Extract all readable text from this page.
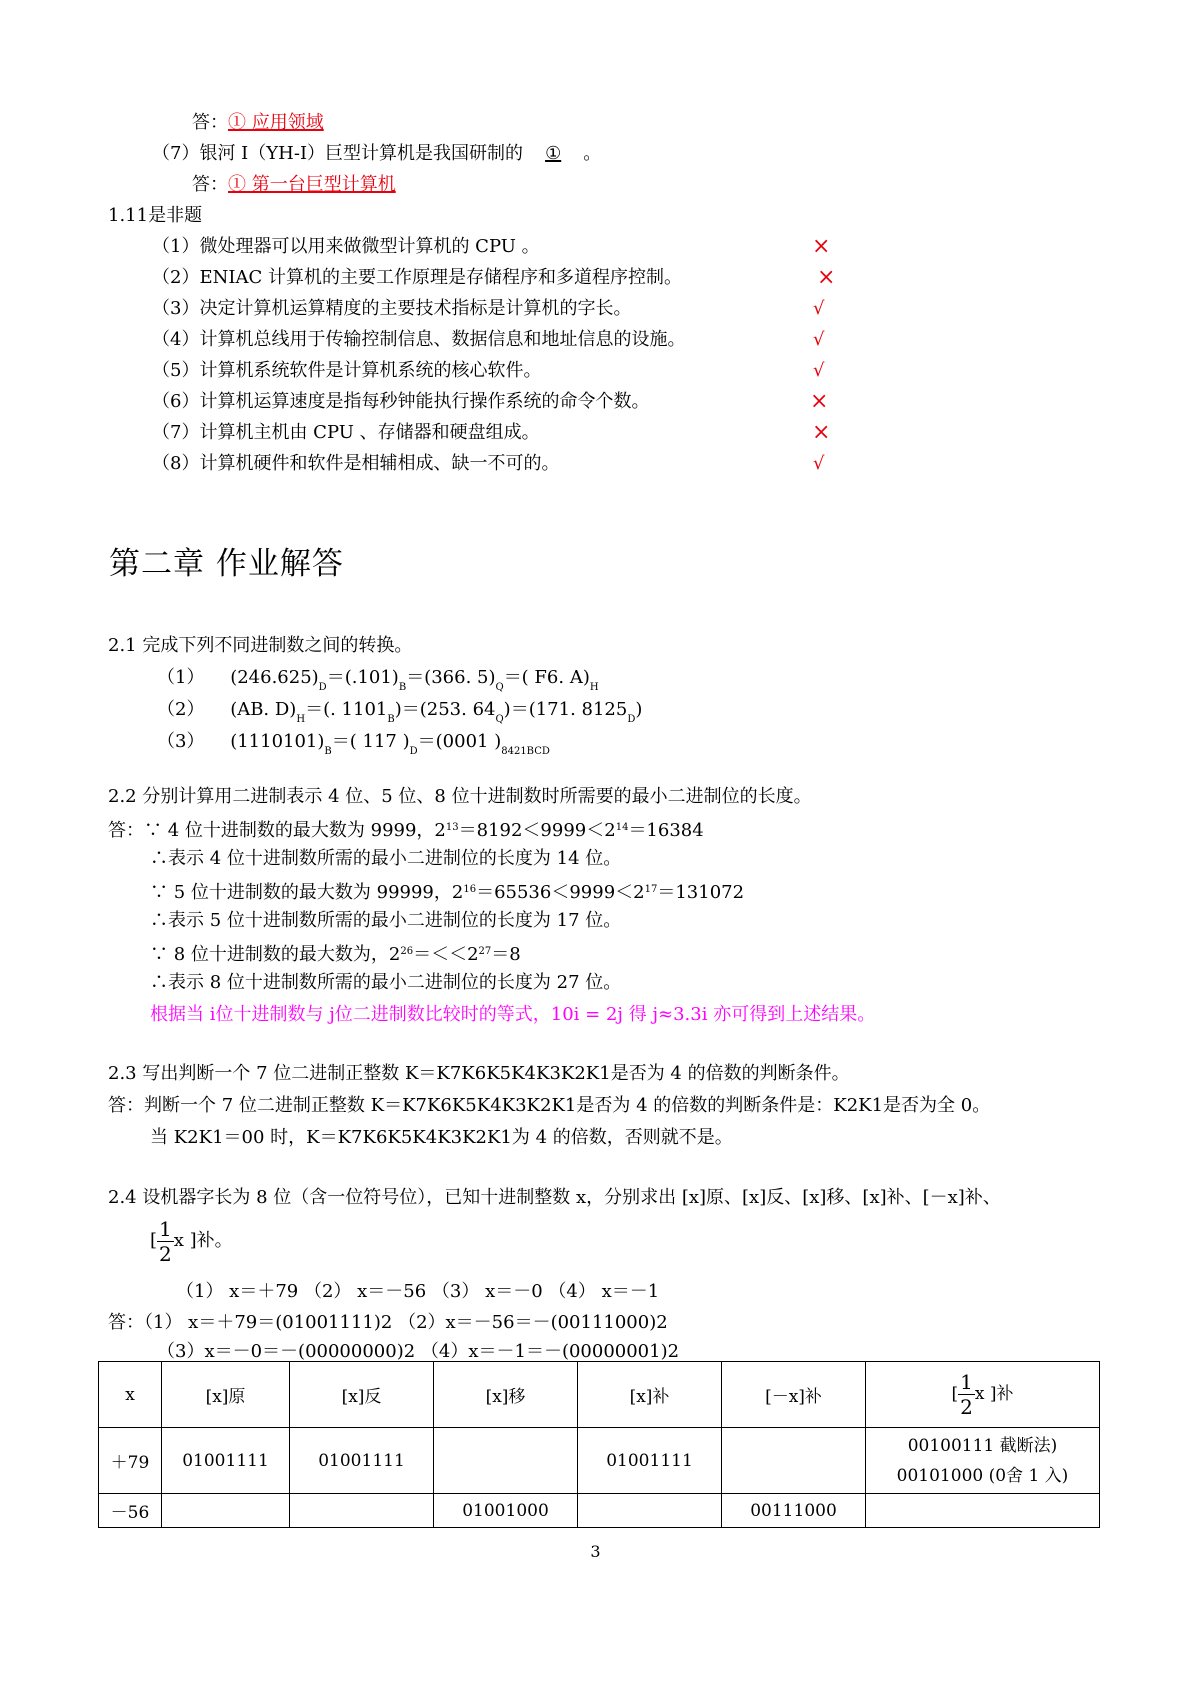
答：① 应用领域
（7）银河 I（YH-I）巨型计算机是我国研制的 ① 。
答：① 第一台巨型计算机
1.11是非题
（1）微处理器可以用来做微型计算机的 CPU 。	×
（2）ENIAC 计算机的主要工作原理是存储程序和多道程序控制。	×
（3）决定计算机运算精度的主要技术指标是计算机的字长。	√
（4）计算机总线用于传输控制信息、数据信息和地址信息的设施。	√
（5）计算机系统软件是计算机系统的核心软件。	√
（6）计算机运算速度是指每秒钟能执行操作系统的命令个数。	×
（7）计算机主机由 CPU 、存储器和硬盘组成。	×
（8）计算机硬件和软件是相辅相成、缺一不可的。	√
第二章 作业解答
2.1 完成下列不同进制数之间的转换。
（1） $(246.625)_D=(.101)_B=(366$. $5)_Q=$( F6. $A)_H$
（2） (AB. $D)_H=$(. $1101_B)=(253$. $64_Q)=(171$. $8125_D$)
（3） $(1110101)_B=$( 117 )$_D=(0001$ )$_{8421BCD}$
2.2 分别计算用二进制表示 4 位、5 位、8 位十进制数时所需要的最小二进制位的长度。
答：∵ 4 位十进制数的最大数为 9999，$2^{13}=8192<9999<2^{14}=16384$
∴表示 4 位十进制数所需的最小二进制位的长度为 14 位。
∵ 5 位十进制数的最大数为 99999，$2^{16}=65536<9999<2^{17}=131072$
∴表示 5 位十进制数所需的最小二进制位的长度为 17 位。
∵ 8 位十进制数的最大数为，$2^{26}=<<2^{27}=8$
∴表示 8 位十进制数所需的最小二进制位的长度为 27 位。
根据当 i位十进制数与 j位二进制数比较时的等式，10i = 2j 得 j≈3.3i 亦可得到上述结果。
2.3 写出判断一个 7 位二进制正整数 K＝K7K6K5K4K3K2K1是否为 4 的倍数的判断条件。
答：判断一个 7 位二进制正整数 K＝K7K6K5K4K3K2K1是否为 4 的倍数的判断条件是：K2K1是否为全 0。
当 K2K1＝00 时，K＝K7K6K5K4K3K2K1为 4 的倍数，否则就不是。
2.4 设机器字长为 8 位（含一位符号位），已知十进制整数 x，分别求出 [x]原、[x]反、[x]移、[x]补、[－x]补、
[ $\frac{1}{2}$ x ]补。
（1） x＝＋79 （2） x＝－56 （3） x＝－0 （4） x＝－1
答：（1） x＝＋79＝(01001111)2 （2）x＝－56＝－(00111000)2
（3）x＝－0＝－(00000000)2 （4）x＝－1＝－(00000001)2
x	[x]原	[x]反	[x]移	[x]补	[－x]补	[ $\frac{1}{2}$ x ]补
＋79	01001111	01001111		01001111		00100111 截断法)
00101000 (0舍 1 入)

－56			01001000		00111000	
3
